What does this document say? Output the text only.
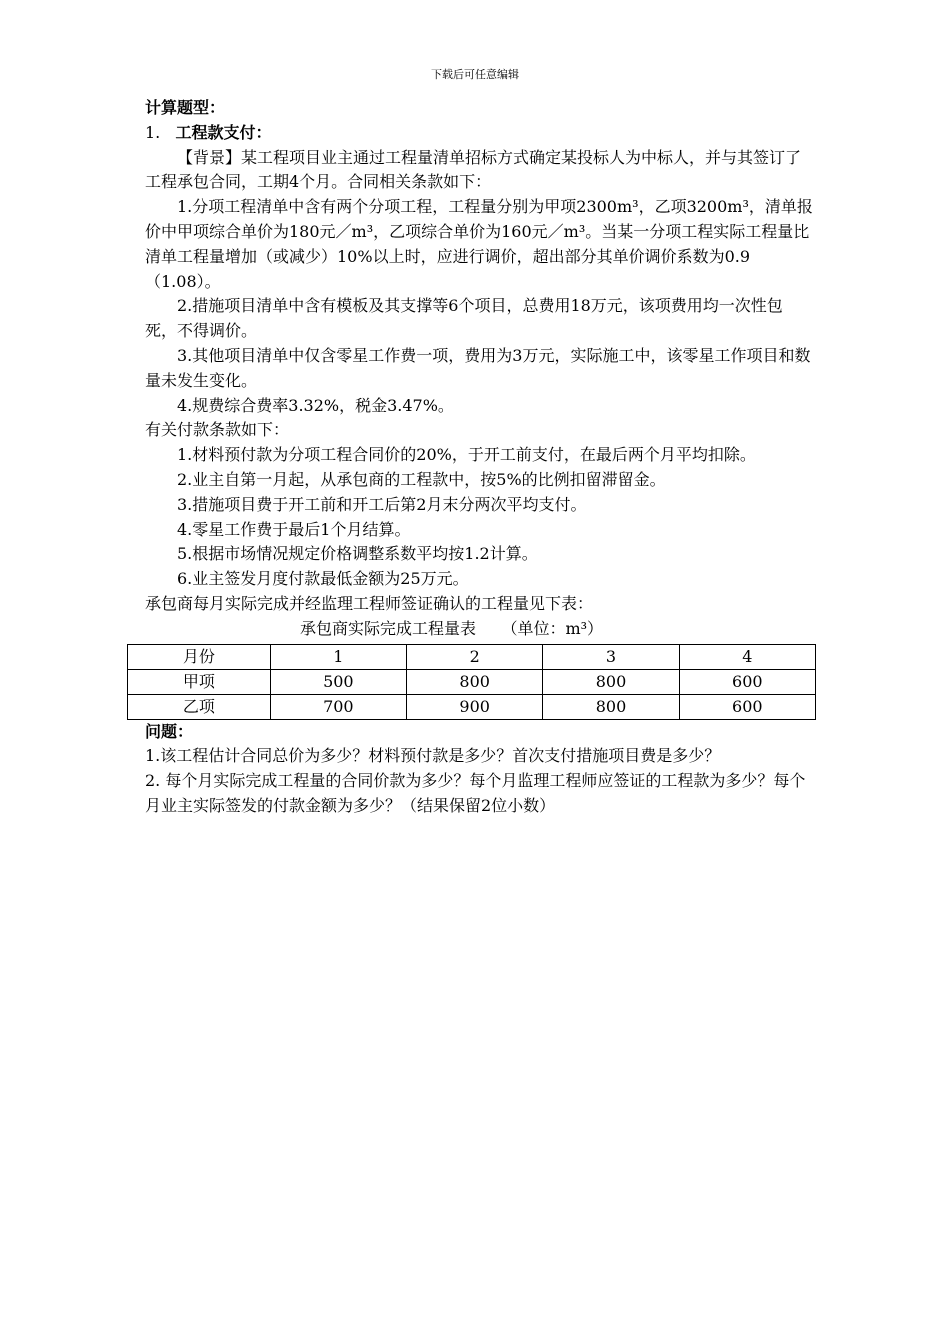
下载后可任意编辑

计算题型：

1. 工程款支付：

【背景】某工程项目业主通过工程量清单招标方式确定某投标人为中标人，并与其签订了工程承包合同，工期4个月。合同相关条款如下：

1.分项工程清单中含有两个分项工程，工程量分别为甲项2300m³，乙项3200m³，清单报价中甲项综合单价为180元／m³，乙项综合单价为160元／m³。当某一分项工程实际工程量比清单工程量增加（或减少）10%以上时，应进行调价，超出部分其单价调价系数为0.9（1.08）。

2.措施项目清单中含有模板及其支撑等6个项目，总费用18万元，该项费用均一次性包死，不得调价。

3.其他项目清单中仅含零星工作费一项，费用为3万元，实际施工中，该零星工作项目和数量未发生变化。

4.规费综合费率3.32%，税金3.47%。

有关付款条款如下：

1.材料预付款为分项工程合同价的20%，于开工前支付，在最后两个月平均扣除。

2.业主自第一月起，从承包商的工程款中，按5%的比例扣留滞留金。

3.措施项目费于开工前和开工后第2月末分两次平均支付。

4.零星工作费于最后1个月结算。

5.根据市场情况规定价格调整系数平均按1.2计算。

6.业主签发月度付款最低金额为25万元。

承包商每月实际完成并经监理工程师签证确认的工程量见下表：

承包商实际完成工程量表 （单位：m³）

月份	1	2	3	4
甲项	500	800	800	600
乙项	700	900	800	600

问题：

1.该工程估计合同总价为多少？材料预付款是多少？首次支付措施项目费是多少？

2. 每个月实际完成工程量的合同价款为多少？每个月监理工程师应签证的工程款为多少？每个月业主实际签发的付款金额为多少？（结果保留2位小数）
